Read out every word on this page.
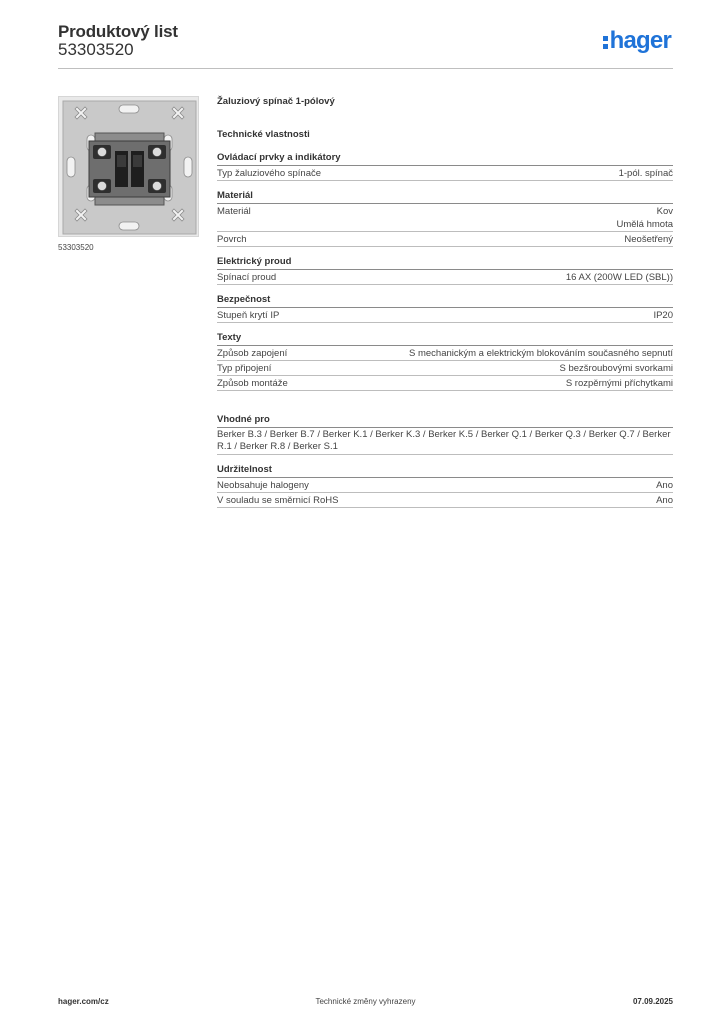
Produktový list
53303520	hager
53303520
Žaluziový spínač 1-pólový
Technické vlastnosti
Ovládací prvky a indikátory
Typ žaluziového spínače	1-pól. spínač
Materiál
Materiál	Kov
Umělá hmota
Povrch	Neošetřený
Elektrický proud
Spínací proud	16 AX (200W LED (SBL))
Bezpečnost
Stupeň krytí IP	IP20
Texty
Způsob zapojení	S mechanickým a elektrickým blokováním současného sepnutí
Typ připojení	S bezšroubovými svorkami
Způsob montáže	S rozpěrnými příchytkami
Vhodné pro
Berker B.3 / Berker B.7 / Berker K.1 / Berker K.3 / Berker K.5 / Berker Q.1 / Berker Q.3 / Berker Q.7 / Berker R.1 / Berker R.8 / Berker S.1
Udržitelnost
Neobsahuje halogeny	Ano
V souladu se směrnicí RoHS	Ano
Technické změny vyhrazeny
hager.com/cz	07.09.2025
